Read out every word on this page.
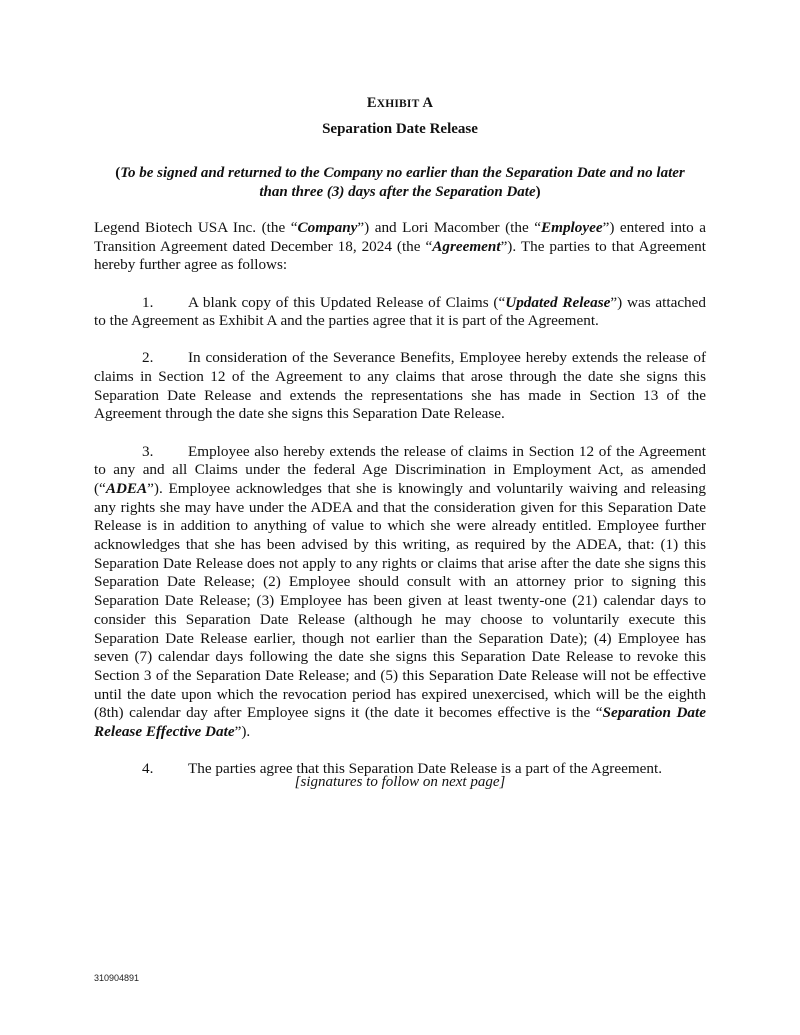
EXHIBIT A
Separation Date Release
(To be signed and returned to the Company no earlier than the Separation Date and no later than three (3) days after the Separation Date)

Legend Biotech USA Inc. (the “Company”) and Lori Macomber (the “Employee”) entered into a Transition Agreement dated December 18, 2024 (the “Agreement”). The parties to that Agreement hereby further agree as follows:

1. A blank copy of this Updated Release of Claims (“Updated Release”) was attached to the Agreement as Exhibit A and the parties agree that it is part of the Agreement.

2. In consideration of the Severance Benefits, Employee hereby extends the release of claims in Section 12 of the Agreement to any claims that arose through the date she signs this Separation Date Release and extends the representations she has made in Section 13 of the Agreement through the date she signs this Separation Date Release.

3. Employee also hereby extends the release of claims in Section 12 of the Agreement to any and all Claims under the federal Age Discrimination in Employment Act, as amended (“ADEA”). Employee acknowledges that she is knowingly and voluntarily waiving and releasing any rights she may have under the ADEA and that the consideration given for this Separation Date Release is in addition to anything of value to which she were already entitled. Employee further acknowledges that she has been advised by this writing, as required by the ADEA, that: (1) this Separation Date Release does not apply to any rights or claims that arise after the date she signs this Separation Date Release; (2) Employee should consult with an attorney prior to signing this Separation Date Release; (3) Employee has been given at least twenty-one (21) calendar days to consider this Separation Date Release (although he may choose to voluntarily execute this Separation Date Release earlier, though not earlier than the Separation Date); (4) Employee has seven (7) calendar days following the date she signs this Separation Date Release to revoke this Section 3 of the Separation Date Release; and (5) this Separation Date Release will not be effective until the date upon which the revocation period has expired unexercised, which will be the eighth (8th) calendar day after Employee signs it (the date it becomes effective is the “Separation Date Release Effective Date”).

4. The parties agree that this Separation Date Release is a part of the Agreement.

[signatures to follow on next page]
310904891
